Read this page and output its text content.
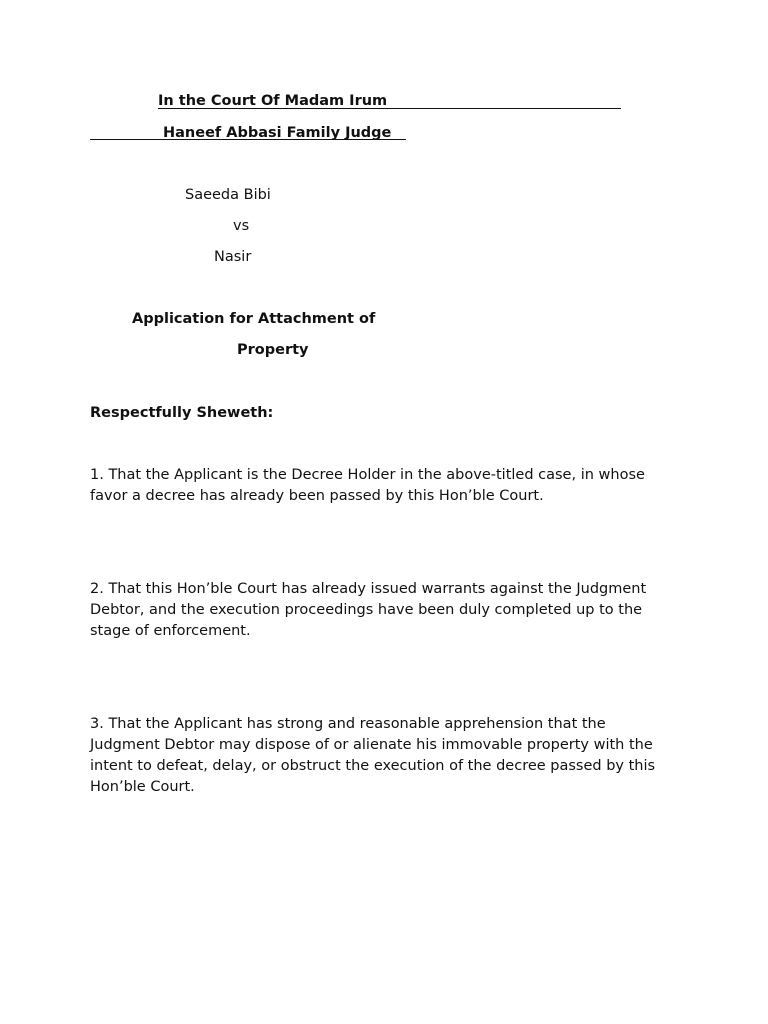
In the Court Of Madam Irum
Haneef Abbasi Family Judge
Saeeda Bibi
vs
Nasir
Application for Attachment of
Property
Respectfully Sheweth:
1. That the Applicant is the Decree Holder in the above-titled case, in whose
favor a decree has already been passed by this Hon’ble Court.
2. That this Hon’ble Court has already issued warrants against the Judgment
Debtor, and the execution proceedings have been duly completed up to the
stage of enforcement.
3. That the Applicant has strong and reasonable apprehension that the
Judgment Debtor may dispose of or alienate his immovable property with the
intent to defeat, delay, or obstruct the execution of the decree passed by this
Hon’ble Court.
